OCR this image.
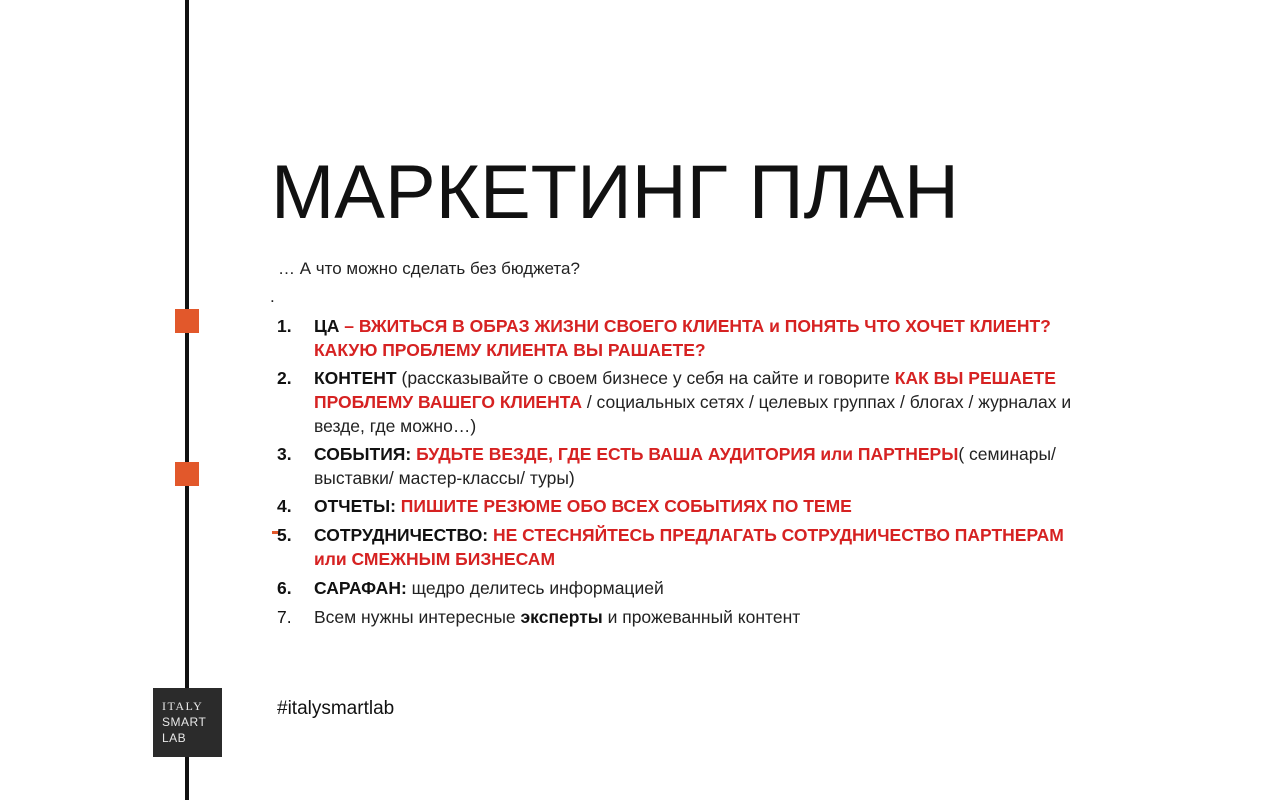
МАРКЕТИНГ ПЛАН
… А что можно сделать без бюджета?
.
1. ЦА – ВЖИТЬСЯ В ОБРАЗ ЖИЗНИ СВОЕГО КЛИЕНТА и ПОНЯТЬ ЧТО ХОЧЕТ КЛИЕНТ? КАКУЮ ПРОБЛЕМУ КЛИЕНТА ВЫ РАШАЕТЕ?
2. КОНТЕНТ (рассказывайте о своем бизнесе у себя на сайте и говорите КАК ВЫ РЕШАЕТЕ ПРОБЛЕМУ ВАШЕГО КЛИЕНТА / социальных сетях / целевых группах / блогах / журналах и везде, где можно…)
3. СОБЫТИЯ: БУДЬТЕ ВЕЗДЕ, ГДЕ ЕСТЬ ВАША АУДИТОРИЯ или ПАРТНЕРЫ( семинары/выставки/ мастер-классы/ туры)
4. ОТЧЕТЫ: ПИШИТЕ РЕЗЮМЕ ОБО ВСЕХ СОБЫТИЯХ ПО ТЕМЕ
5. СОТРУДНИЧЕСТВО: НЕ СТЕСНЯЙТЕСЬ ПРЕДЛАГАТЬ СОТРУДНИЧЕСТВО ПАРТНЕРАМ или СМЕЖНЫМ БИЗНЕСАМ
6. САРАФАН: щедро делитесь информацией
7. Всем нужны интересные эксперты и прожеванный контент
#italysmartlab
ITALY
SMART
LAB
